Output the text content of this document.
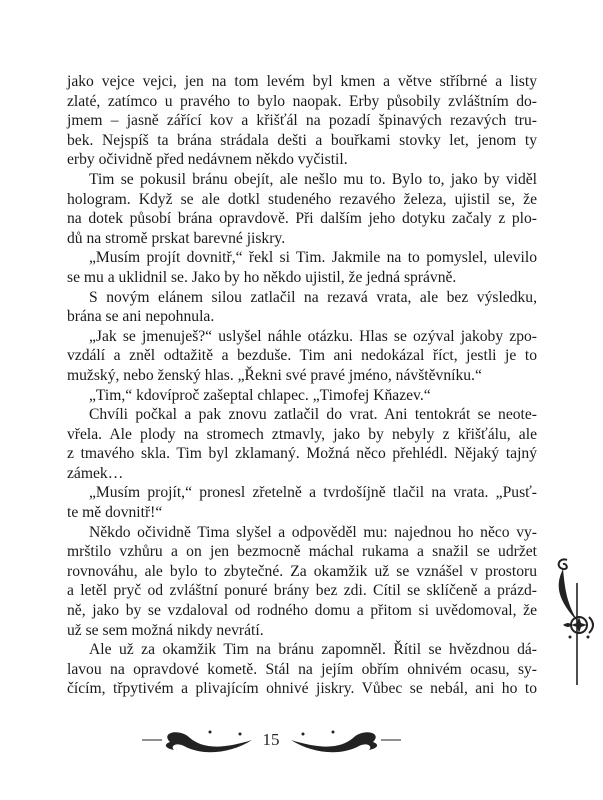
jako vejce vejci, jen na tom levém byl kmen a větve stříbrné a listy
zlaté, zatímco u pravého to bylo naopak. Erby působily zvláštním do-
jmem – jasně zářící kov a křišťál na pozadí špinavých rezavých tru-
bek. Nejspíš ta brána strádala dešti a bouřkami stovky let, jenom ty
erby očividně před nedávnem někdo vyčistil.
Tim se pokusil bránu obejít, ale nešlo mu to. Bylo to, jako by viděl
hologram. Když se ale dotkl studeného rezavého železa, ujistil se, že
na dotek působí brána opravdově. Při dalším jeho dotyku začaly z plo-
dů na stromě prskat barevné jiskry.
„Musím projít dovnitř,“ řekl si Tim. Jakmile na to pomyslel, ulevilo
se mu a uklidnil se. Jako by ho někdo ujistil, že jedná správně.
S novým elánem silou zatlačil na rezavá vrata, ale bez výsledku,
brána se ani nepohnula.
„Jak se jmenuješ?“ uslyšel náhle otázku. Hlas se ozýval jakoby zpo-
vzdálí a zněl odtažitě a bezduše. Tim ani nedokázal říct, jestli je to
mužský, nebo ženský hlas. „Řekni své pravé jméno, návštěvníku.“
„Tim,“ kdovíproč zašeptal chlapec. „Timofej Kňazev.“
Chvíli počkal a pak znovu zatlačil do vrat. Ani tentokrát se neote-
vřela. Ale plody na stromech ztmavly, jako by nebyly z křišťálu, ale
z tmavého skla. Tim byl zklamaný. Možná něco přehlédl. Nějaký tajný
zámek…
„Musím projít,“ pronesl zřetelně a tvrdošíjně tlačil na vrata. „Pusť-
te mě dovnitř!“
Někdo očividně Tima slyšel a odpověděl mu: najednou ho něco vy-
mrštilo vzhůru a on jen bezmocně máchal rukama a snažil se udržet
rovnováhu, ale bylo to zbytečné. Za okamžik už se vznášel v prostoru
a letěl pryč od zvláštní ponuré brány bez zdi. Cítil se sklíčeně a prázd-
ně, jako by se vzdaloval od rodného domu a přitom si uvědomoval, že
už se sem možná nikdy nevrátí.
Ale už za okamžik Tim na bránu zapomněl. Řítil se hvězdnou dá-
lavou na opravdové kometě. Stál na jejím obřím ohnivém ocasu, sy-
čícím, třpytivém a plivajícím ohnivé jiskry. Vůbec se nebál, ani ho to
15
